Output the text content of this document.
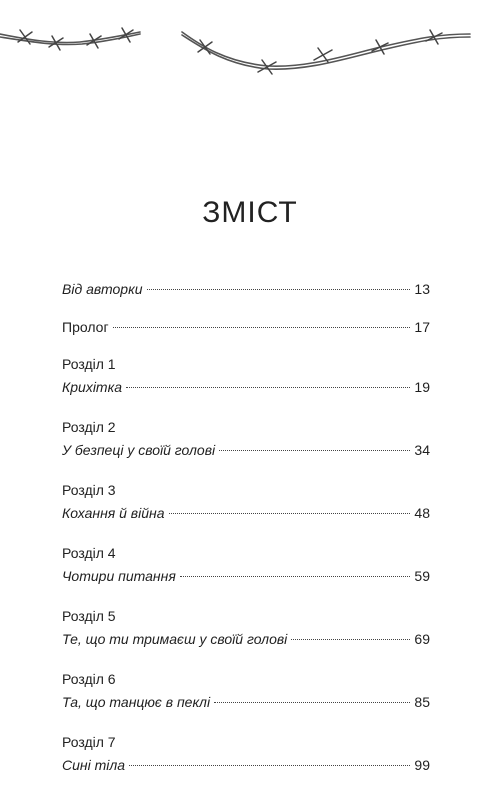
ЗМІСТ
Від авторки	13
Пролог	17
Розділ 1
Крихітка	19
Розділ 2
У безпеці у своїй голові	34
Розділ 3
Кохання й війна	48
Розділ 4
Чотири питання	59
Розділ 5
Те, що ти тримаєш у своїй голові	69
Розділ 6
Та, що танцює в пеклі	85
Розділ 7
Сині тіла	99
